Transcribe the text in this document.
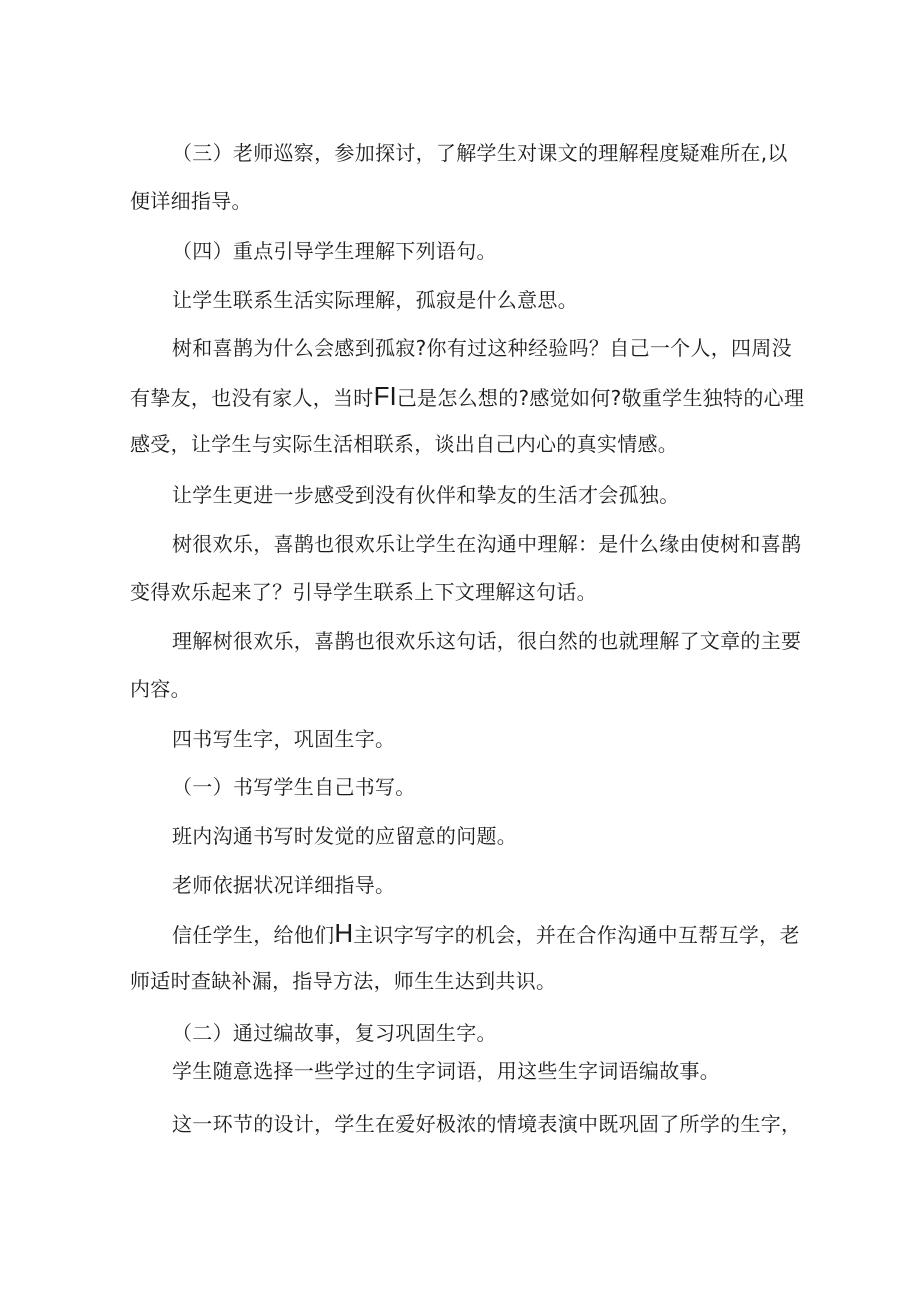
（三）老师巡察，参加探讨，了解学生对课文的理解程度疑难所在,以
便详细指导。
（四）重点引导学生理解下列语句。
让学生联系生活实际理解，孤寂是什么意思。
树和喜鹊为什么会感到孤寂?你有过这种经验吗？自己一个人，四周没
有挚友，也没有家人，当时FI己是怎么想的?感觉如何?敬重学生独特的心理
感受，让学生与实际生活相联系，谈出自己内心的真实情感。
让学生更进一步感受到没有伙伴和挚友的生活才会孤独。
树很欢乐，喜鹊也很欢乐让学生在沟通中理解：是什么缘由使树和喜鹊
变得欢乐起来了？引导学生联系上下文理解这句话。
理解树很欢乐，喜鹊也很欢乐这句话，很白然的也就理解了文章的主要
内容。
四书写生字，巩固生字。
（一）书写学生自己书写。
班内沟通书写时发觉的应留意的问题。
老师依据状况详细指导。
信任学生，给他们H主识字写字的机会，并在合作沟通中互帮互学，老
师适时查缺补漏，指导方法，师生生达到共识。
（二）通过编故事，复习巩固生字。
学生随意选择一些学过的生字词语，用这些生字词语编故事。
这一环节的设计，学生在爱好极浓的情境表演中既巩固了所学的生字，
